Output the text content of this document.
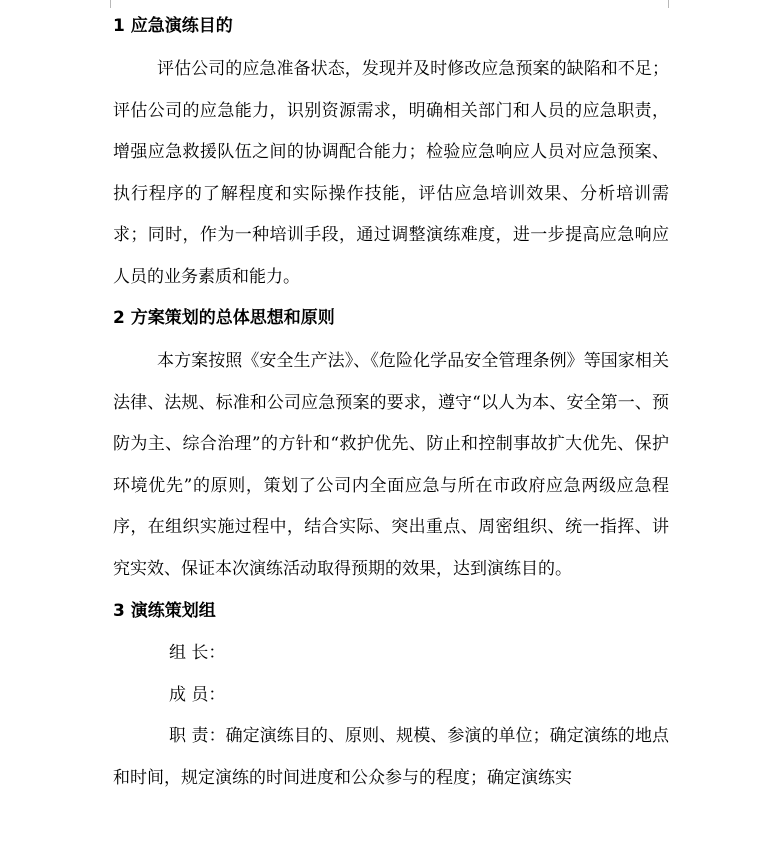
1 应急演练目的

评估公司的应急准备状态，发现并及时修改应急预案的缺陷和不足；评估公司的应急能力，识别资源需求，明确相关部门和人员的应急职责，增强应急救援队伍之间的协调配合能力；检验应急响应人员对应急预案、执行程序的了解程度和实际操作技能，评估应急培训效果、分析培训需求；同时，作为一种培训手段，通过调整演练难度，进一步提高应急响应人员的业务素质和能力。

2 方案策划的总体思想和原则

本方案按照《安全生产法》、《危险化学品安全管理条例》等国家相关法律、法规、标准和公司应急预案的要求，遵守“以人为本、安全第一、预防为主、综合治理”的方针和“救护优先、防止和控制事故扩大优先、保护环境优先”的原则，策划了公司内全面应急与所在市政府应急两级应急程序，在组织实施过程中，结合实际、突出重点、周密组织、统一指挥、讲究实效、保证本次演练活动取得预期的效果，达到演练目的。

3 演练策划组

组 长：

成 员：

职 责：确定演练目的、原则、规模、参演的单位；确定演练的地点和时间，规定演练的时间进度和公众参与的程度；确定演练实
